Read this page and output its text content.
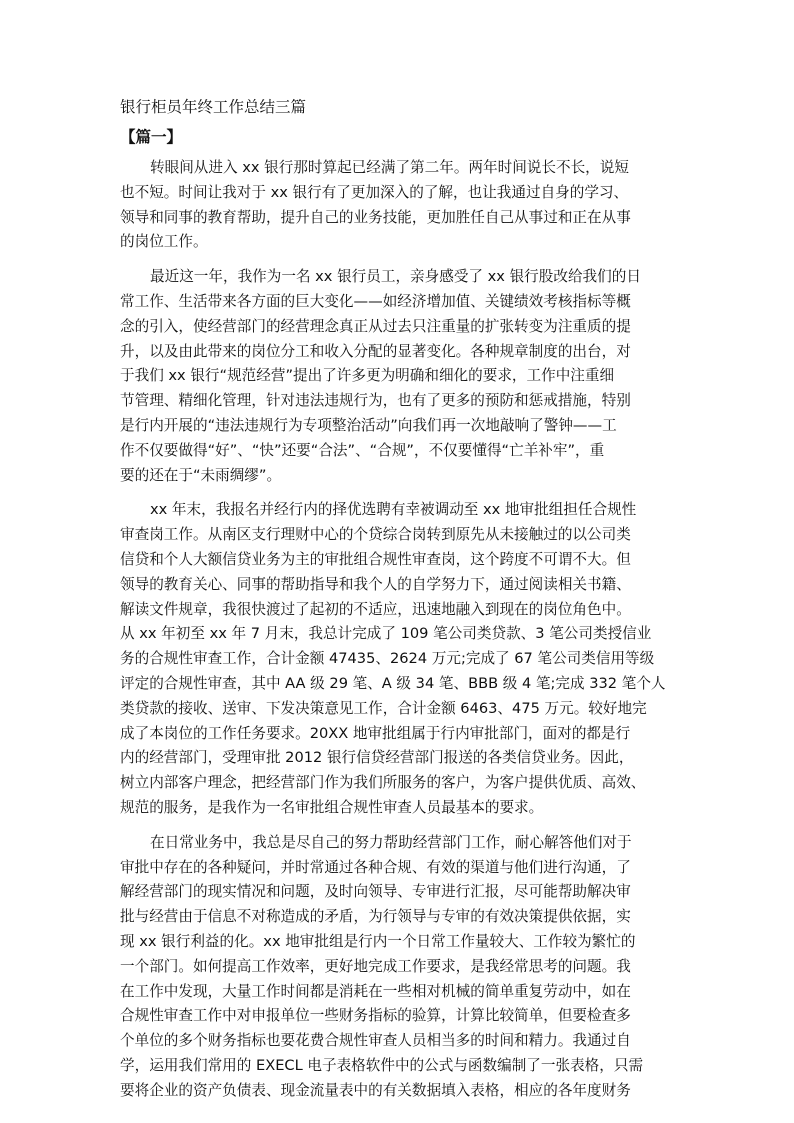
银行柜员年终工作总结三篇
【篇一】
转眼间从进入 xx 银行那时算起已经满了第二年。两年时间说长不长，说短
也不短。时间让我对于 xx 银行有了更加深入的了解，也让我通过自身的学习、
领导和同事的教育帮助，提升自己的业务技能，更加胜任自己从事过和正在从事
的岗位工作。
最近这一年，我作为一名 xx 银行员工，亲身感受了 xx 银行股改给我们的日
常工作、生活带来各方面的巨大变化——如经济增加值、关键绩效考核指标等概
念的引入，使经营部门的经营理念真正从过去只注重量的扩张转变为注重质的提
升，以及由此带来的岗位分工和收入分配的显著变化。各种规章制度的出台，对
于我们 xx 银行“规范经营”提出了许多更为明确和细化的要求，工作中注重细
节管理、精细化管理，针对违法违规行为，也有了更多的预防和惩戒措施，特别
是行内开展的“违法违规行为专项整治活动”向我们再一次地敲响了警钟——工
作不仅要做得“好”、“快”还要“合法”、“合规”，不仅要懂得“亡羊补牢”，重
要的还在于“未雨绸缪”。
xx 年末，我报名并经行内的择优选聘有幸被调动至 xx 地审批组担任合规性
审查岗工作。从南区支行理财中心的个贷综合岗转到原先从未接触过的以公司类
信贷和个人大额信贷业务为主的审批组合规性审查岗，这个跨度不可谓不大。但
领导的教育关心、同事的帮助指导和我个人的自学努力下，通过阅读相关书籍、
解读文件规章，我很快渡过了起初的不适应，迅速地融入到现在的岗位角色中。
从 xx 年初至 xx 年 7 月末，我总计完成了 109 笔公司类贷款、3 笔公司类授信业
务的合规性审查工作，合计金额 47435、2624 万元;完成了 67 笔公司类信用等级
评定的合规性审查，其中 AA 级 29 笔、A 级 34 笔、BBB 级 4 笔;完成 332 笔个人
类贷款的接收、送审、下发决策意见工作，合计金额 6463、475 万元。较好地完
成了本岗位的工作任务要求。20XX 地审批组属于行内审批部门，面对的都是行
内的经营部门，受理审批 2012 银行信贷经营部门报送的各类信贷业务。因此，
树立内部客户理念，把经营部门作为我们所服务的客户，为客户提供优质、高效、
规范的服务，是我作为一名审批组合规性审查人员最基本的要求。
在日常业务中，我总是尽自己的努力帮助经营部门工作，耐心解答他们对于
审批中存在的各种疑问，并时常通过各种合规、有效的渠道与他们进行沟通，了
解经营部门的现实情况和问题，及时向领导、专审进行汇报，尽可能帮助解决审
批与经营由于信息不对称造成的矛盾，为行领导与专审的有效决策提供依据，实
现 xx 银行利益的化。xx 地审批组是行内一个日常工作量较大、工作较为繁忙的
一个部门。如何提高工作效率，更好地完成工作要求，是我经常思考的问题。我
在工作中发现，大量工作时间都是消耗在一些相对机械的简单重复劳动中，如在
合规性审查工作中对申报单位一些财务指标的验算，计算比较简单，但要检查多
个单位的多个财务指标也要花费合规性审查人员相当多的时间和精力。我通过自
学，运用我们常用的 EXECL 电子表格软件中的公式与函数编制了一张表格，只需
要将企业的资产负债表、现金流量表中的有关数据填入表格，相应的各年度财务
